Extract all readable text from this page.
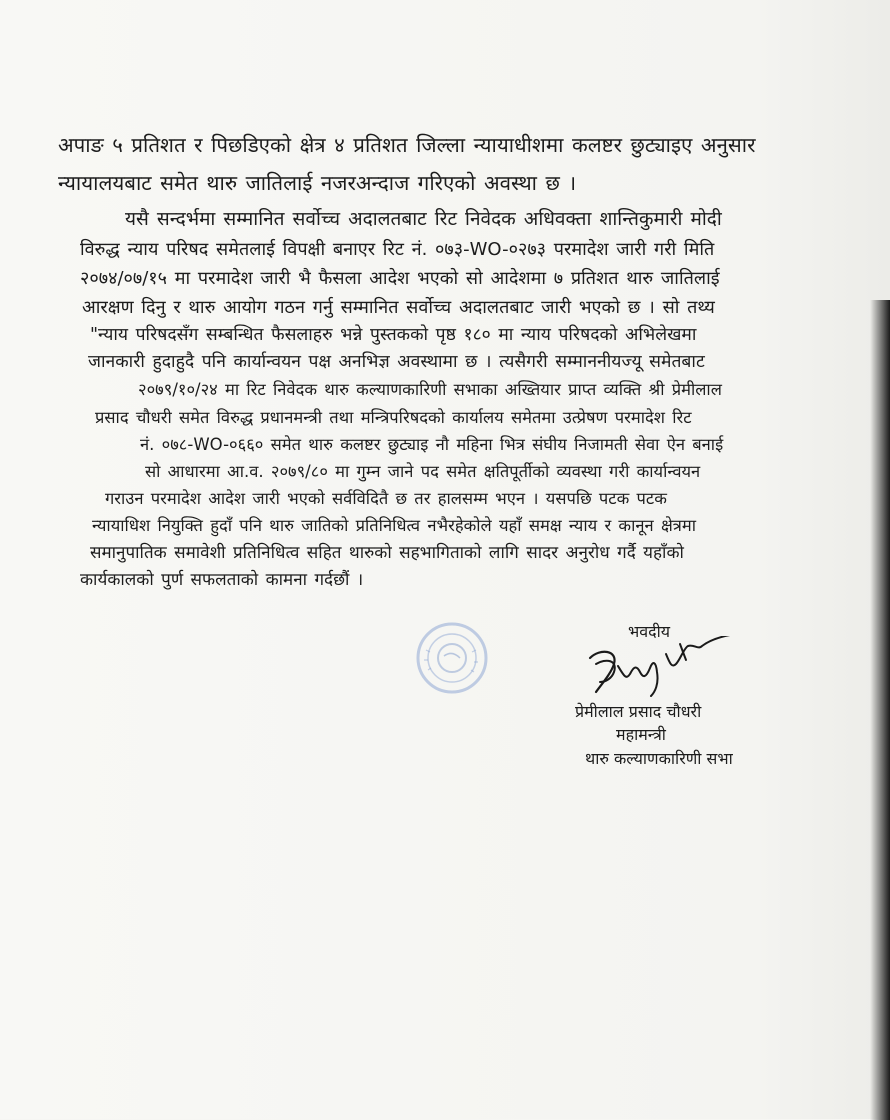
अपाङ ५ प्रतिशत र पिछडिएको क्षेत्र ४ प्रतिशत जिल्ला न्यायाधीशमा कलष्टर छुट्याइए अनुसार
न्यायालयबाट समेत थारु जातिलाई नजरअन्दाज गरिएको अवस्था छ ।
यसै सन्दर्भमा सम्मानित सर्वोच्च अदालतबाट रिट निवेदक अधिवक्ता शान्तिकुमारी मोदी
विरुद्ध न्याय परिषद समेतलाई विपक्षी बनाएर रिट नं. ०७३-WO-०२७३ परमादेश जारी गरी मिति
२०७४/०७/१५ मा परमादेश जारी भै फैसला आदेश भएको सो आदेशमा ७ प्रतिशत थारु जातिलाई
आरक्षण दिनु र थारु आयोग गठन गर्नु सम्मानित सर्वोच्च अदालतबाट जारी भएको छ । सो तथ्य
"न्याय परिषदसँग सम्बन्धित फैसलाहरु भन्ने पुस्तकको पृष्ठ १८० मा न्याय परिषदको अभिलेखमा
जानकारी हुदाहुदै पनि कार्यान्वयन पक्ष अनभिज्ञ अवस्थामा छ । त्यसैगरी सम्माननीयज्यू समेतबाट
२०७९/१०/२४ मा रिट निवेदक थारु कल्याणकारिणी सभाका अख्तियार प्राप्त व्यक्ति श्री प्रेमीलाल
प्रसाद चौधरी समेत विरुद्ध प्रधानमन्त्री तथा मन्त्रिपरिषदको कार्यालय समेतमा उत्प्रेषण परमादेश रिट
नं. ०७८-WO-०६६० समेत थारु कलष्टर छुट्याइ नौ महिना भित्र संघीय निजामती सेवा ऐन बनाई
सो आधारमा आ.व. २०७९/८० मा गुम्न जाने पद समेत क्षतिपूर्तीको व्यवस्था गरी कार्यान्वयन
गराउन परमादेश आदेश जारी भएको सर्वविदितै छ तर हालसम्म भएन । यसपछि पटक पटक
न्यायाधिश नियुक्ति हुदाँ पनि थारु जातिको प्रतिनिधित्व नभैरहेकोले यहाँ समक्ष न्याय र कानून क्षेत्रमा
समानुपातिक समावेशी प्रतिनिधित्व सहित थारुको सहभागिताको लागि सादर अनुरोध गर्दै यहाँको
कार्यकालको पुर्ण सफलताको कामना गर्दछौं ।
भवदीय
प्रेमीलाल प्रसाद चौधरी
महामन्त्री
थारु कल्याणकारिणी सभा
